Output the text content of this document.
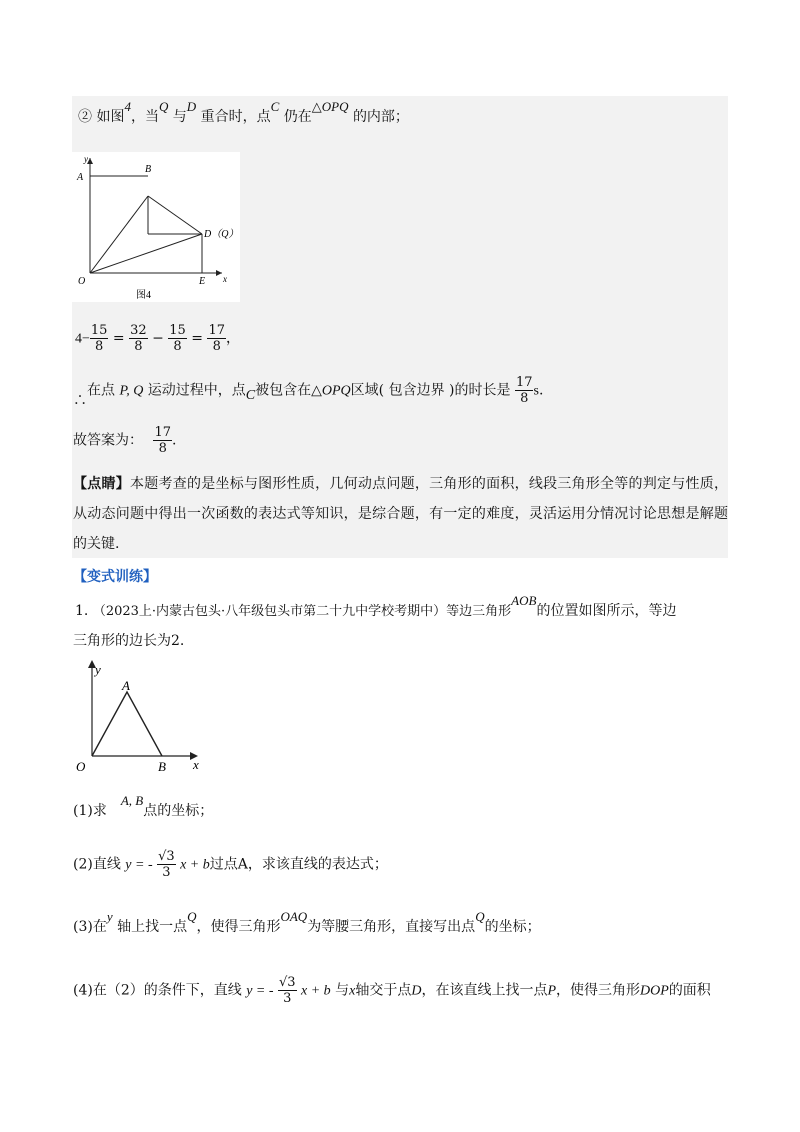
② 如图4，当Q 与D 重合时，点C 仍在△OPQ 的内部；
y
A
B
D（Q）
O	E x
图4
$4- \frac{15}{8} = \frac{32}{8} - \frac{15}{8} = \frac{17}{8}$ ，
∴在点 P, Q 运动过程中，点C被包含在△OPQ区域( 包含边界 )的时长是 $\frac{17}{8} s$.
故答案为： $\frac{17}{8}$ .
【点睛】本题考查的是坐标与图形性质，几何动点问题，三角形的面积，线段三角形全等的判定与性质，从动态问题中得出一次函数的表达式等知识，是综合题，有一定的难度，灵活运用分情况讨论思想是解题的关键.
【变式训练】
1. （2023上·内蒙古包头·八年级包头市第二十九中学校考期中）等边三角形AOB的位置如图所示，等边
三角形的边长为2.
y
A
O	B x
(1)求A, B点的坐标；
(2)直线 y = - $\frac{√3}{3}$ x + b过点A，求该直线的表达式；
(3)在y 轴上找一点Q，使得三角形OAQ为等腰三角形，直接写出点Q的坐标；
(4)在（2）的条件下，直线 y = - $\frac{√3}{3}$ x + b 与x轴交于点D，在该直线上找一点P，使得三角形DOP的面积
